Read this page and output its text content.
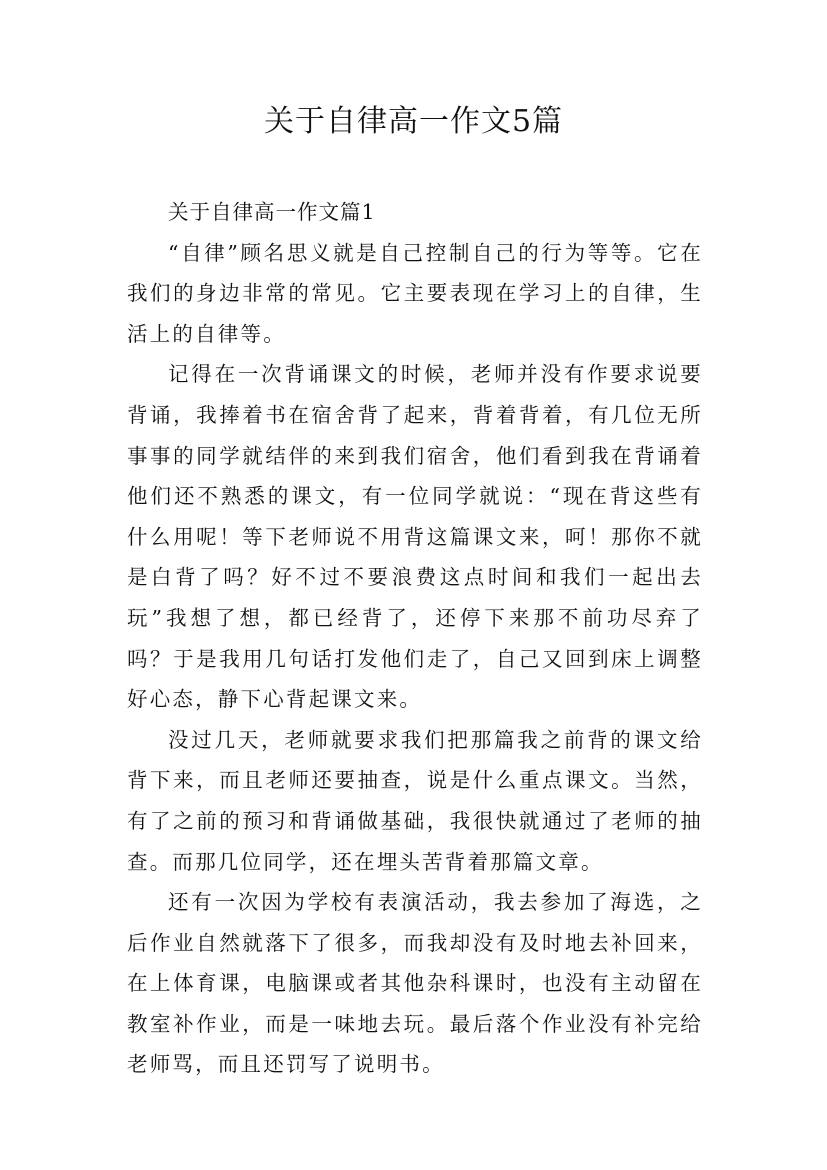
关于自律高一作文5篇

关于自律高一作文篇1

“自律”顾名思义就是自己控制自己的行为等等。它在我们的身边非常的常见。它主要表现在学习上的自律，生活上的自律等。

记得在一次背诵课文的时候，老师并没有作要求说要背诵，我捧着书在宿舍背了起来，背着背着，有几位无所事事的同学就结伴的来到我们宿舍，他们看到我在背诵着他们还不熟悉的课文，有一位同学就说：“现在背这些有什么用呢！等下老师说不用背这篇课文来，呵！那你不就是白背了吗？好不过不要浪费这点时间和我们一起出去玩”我想了想，都已经背了，还停下来那不前功尽弃了吗？于是我用几句话打发他们走了，自己又回到床上调整好心态，静下心背起课文来。

没过几天，老师就要求我们把那篇我之前背的课文给背下来，而且老师还要抽查，说是什么重点课文。当然，有了之前的预习和背诵做基础，我很快就通过了老师的抽查。而那几位同学，还在埋头苦背着那篇文章。

还有一次因为学校有表演活动，我去参加了海选，之后作业自然就落下了很多，而我却没有及时地去补回来，在上体育课，电脑课或者其他杂科课时，也没有主动留在教室补作业，而是一味地去玩。最后落个作业没有补完给老师骂，而且还罚写了说明书。
